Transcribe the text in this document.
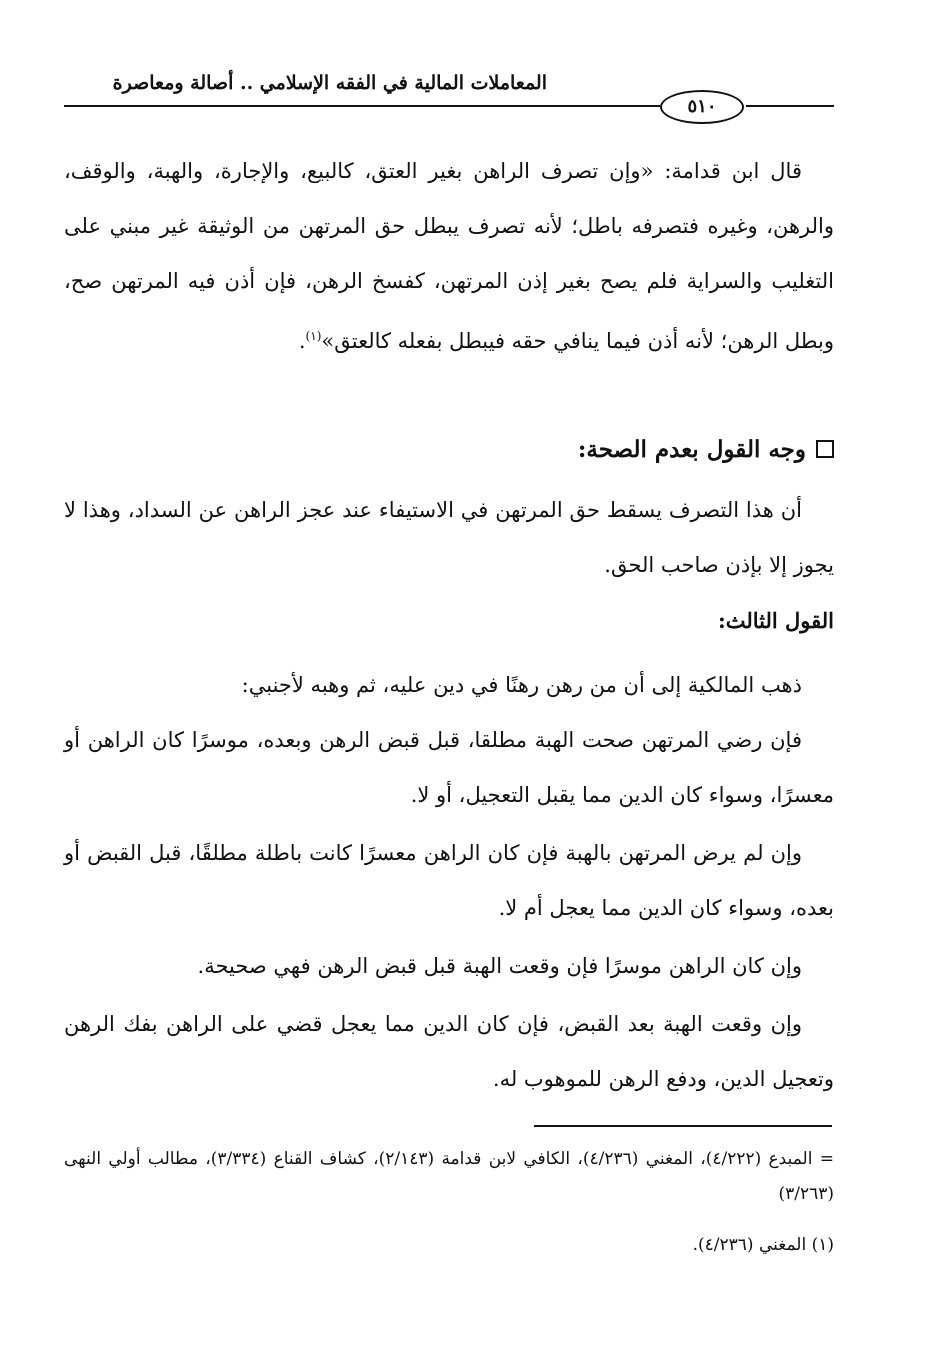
المعاملات المالية في الفقه الإسلامي .. أصالة ومعاصرة
٥١٠
قال ابن قدامة: «وإن تصرف الراهن بغير العتق، كالبيع، والإجارة، والهبة، والوقف، والرهن، وغيره فتصرفه باطل؛ لأنه تصرف يبطل حق المرتهن من الوثيقة غير مبني على التغليب والسراية فلم يصح بغير إذن المرتهن، كفسخ الرهن، فإن أذن فيه المرتهن صح، وبطل الرهن؛ لأنه أذن فيما ينافي حقه فيبطل بفعله كالعتق»$^{(١)}$.
وجه القول بعدم الصحة:
أن هذا التصرف يسقط حق المرتهن في الاستيفاء عند عجز الراهن عن السداد، وهذا لا يجوز إلا بإذن صاحب الحق.
القول الثالث:
ذهب المالكية إلى أن من رهن رهنًا في دين عليه، ثم وهبه لأجنبي:
فإن رضي المرتهن صحت الهبة مطلقا، قبل قبض الرهن وبعده، موسرًا كان الراهن أو معسرًا، وسواء كان الدين مما يقبل التعجيل، أو لا.
وإن لم يرض المرتهن بالهبة فإن كان الراهن معسرًا كانت باطلة مطلقًا، قبل القبض أو بعده، وسواء كان الدين مما يعجل أم لا.
وإن كان الراهن موسرًا فإن وقعت الهبة قبل قبض الرهن فهي صحيحة.
وإن وقعت الهبة بعد القبض، فإن كان الدين مما يعجل قضي على الراهن بفك الرهن وتعجيل الدين، ودفع الرهن للموهوب له.
= المبدع (٤/٢٢٢)، المغني (٤/٢٣٦)، الكافي لابن قدامة (٢/١٤٣)، كشاف القناع (٣/٣٣٤)، مطالب أولي النهى (٣/٢٦٣)
(١) المغني (٤/٢٣٦).
